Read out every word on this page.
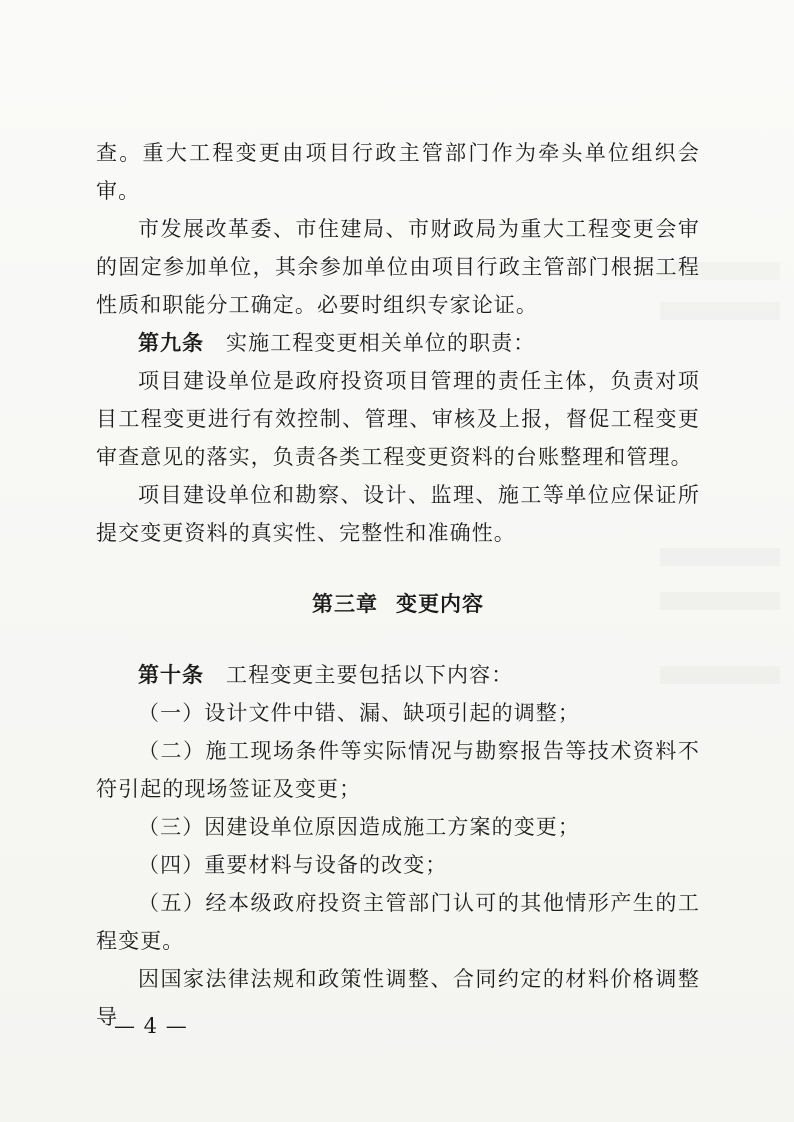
查。重大工程变更由项目行政主管部门作为牵头单位组织会审。

市发展改革委、市住建局、市财政局为重大工程变更会审的固定参加单位，其余参加单位由项目行政主管部门根据工程性质和职能分工确定。必要时组织专家论证。

第九条 实施工程变更相关单位的职责：

项目建设单位是政府投资项目管理的责任主体，负责对项目工程变更进行有效控制、管理、审核及上报，督促工程变更审查意见的落实，负责各类工程变更资料的台账整理和管理。

项目建设单位和勘察、设计、监理、施工等单位应保证所提交变更资料的真实性、完整性和准确性。

第三章 变更内容

第十条 工程变更主要包括以下内容：

（一）设计文件中错、漏、缺项引起的调整；

（二）施工现场条件等实际情况与勘察报告等技术资料不符引起的现场签证及变更；

（三）因建设单位原因造成施工方案的变更；

（四）重要材料与设备的改变；

（五）经本级政府投资主管部门认可的其他情形产生的工程变更。

因国家法律法规和政策性调整、合同约定的材料价格调整导

— 4 —
